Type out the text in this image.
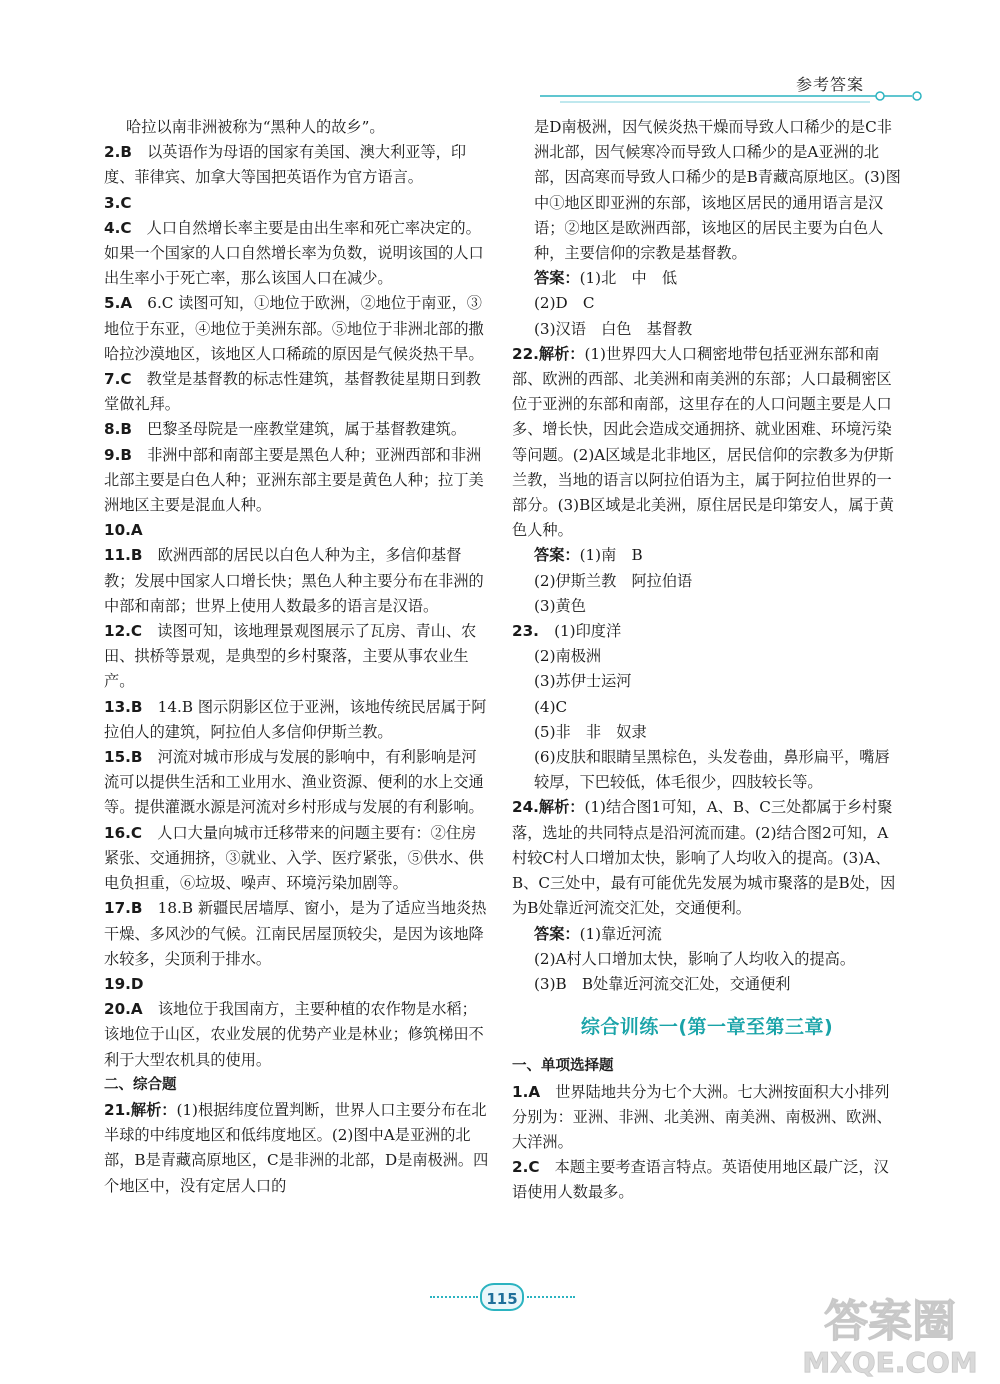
参考答案
哈拉以南非洲被称为“黑种人的故乡”。
2.B  以英语作为母语的国家有美国、澳大利亚等，印度、菲律宾、加拿大等国把英语作为官方语言。
3.C 
4.C  人口自然增长率主要是由出生率和死亡率决定的。如果一个国家的人口自然增长率为负数，说明该国的人口出生率小于死亡率，那么该国人口在减少。
5.A  6.C 读图可知，①地位于欧洲，②地位于南亚，③地位于东亚，④地位于美洲东部。⑤地位于非洲北部的撒哈拉沙漠地区，该地区人口稀疏的原因是气候炎热干旱。
7.C  教堂是基督教的标志性建筑，基督教徒星期日到教堂做礼拜。
8.B  巴黎圣母院是一座教堂建筑，属于基督教建筑。
9.B  非洲中部和南部主要是黑色人种；亚洲西部和非洲北部主要是白色人种；亚洲东部主要是黄色人种；拉丁美洲地区主要是混血人种。
10.A 
11.B  欧洲西部的居民以白色人种为主，多信仰基督教；发展中国家人口增长快；黑色人种主要分布在非洲的中部和南部；世界上使用人数最多的语言是汉语。
12.C  读图可知，该地理景观图展示了瓦房、青山、农田、拱桥等景观，是典型的乡村聚落，主要从事农业生产。
13.B  14.B 图示阴影区位于亚洲，该地传统民居属于阿拉伯人的建筑，阿拉伯人多信仰伊斯兰教。
15.B  河流对城市形成与发展的影响中，有利影响是河流可以提供生活和工业用水、渔业资源、便利的水上交通等。提供灌溉水源是河流对乡村形成与发展的有利影响。
16.C  人口大量向城市迁移带来的问题主要有：②住房紧张、交通拥挤，③就业、入学、医疗紧张，⑤供水、供电负担重，⑥垃圾、噪声、环境污染加剧等。
17.B  18.B 新疆民居墙厚、窗小，是为了适应当地炎热干燥、多风沙的气候。江南民居屋顶较尖，是因为该地降水较多，尖顶利于排水。
19.D 
20.A  该地位于我国南方，主要种植的农作物是水稻；该地位于山区，农业发展的优势产业是林业；修筑梯田不利于大型农机具的使用。
二、综合题
21.解析：(1)根据纬度位置判断，世界人口主要分布在北半球的中纬度地区和低纬度地区。(2)图中A是亚洲的北部，B是青藏高原地区，C是非洲的北部，D是南极洲。四个地区中，没有定居人口的
是D南极洲，因气候炎热干燥而导致人口稀少的是C非洲北部，因气候寒冷而导致人口稀少的是A亚洲的北部，因高寒而导致人口稀少的是B青藏高原地区。(3)图中①地区即亚洲的东部，该地区居民的通用语言是汉语；②地区是欧洲西部，该地区的居民主要为白色人种，主要信仰的宗教是基督教。
答案：(1)北　中　低
(2)D　C
(3)汉语　白色　基督教
22.解析：(1)世界四大人口稠密地带包括亚洲东部和南部、欧洲的西部、北美洲和南美洲的东部；人口最稠密区位于亚洲的东部和南部，这里存在的人口问题主要是人口多、增长快，因此会造成交通拥挤、就业困难、环境污染等问题。(2)A区域是北非地区，居民信仰的宗教多为伊斯兰教，当地的语言以阿拉伯语为主，属于阿拉伯世界的一部分。(3)B区域是北美洲，原住居民是印第安人，属于黄色人种。
答案：(1)南　B
(2)伊斯兰教　阿拉伯语
(3)黄色
23.  (1)印度洋
(2)南极洲
(3)苏伊士运河
(4)C
(5)非　非　奴隶
(6)皮肤和眼睛呈黑棕色，头发卷曲，鼻形扁平，嘴唇较厚，下巴较低，体毛很少，四肢较长等。
24.解析：(1)结合图1可知，A、B、C三处都属于乡村聚落，选址的共同特点是沿河流而建。(2)结合图2可知，A村较C村人口增加太快，影响了人均收入的提高。(3)A、B、C三处中，最有可能优先发展为城市聚落的是B处，因为B处靠近河流交汇处，交通便利。
答案：(1)靠近河流
(2)A村人口增加太快，影响了人均收入的提高。
(3)B　B处靠近河流交汇处，交通便利
综合训练一(第一章至第三章)
一、单项选择题
1.A  世界陆地共分为七个大洲。七大洲按面积大小排列分别为：亚洲、非洲、北美洲、南美洲、南极洲、欧洲、大洋洲。
2.C  本题主要考查语言特点。英语使用地区最广泛，汉语使用人数最多。
115	答案圈
MXQE.COM
